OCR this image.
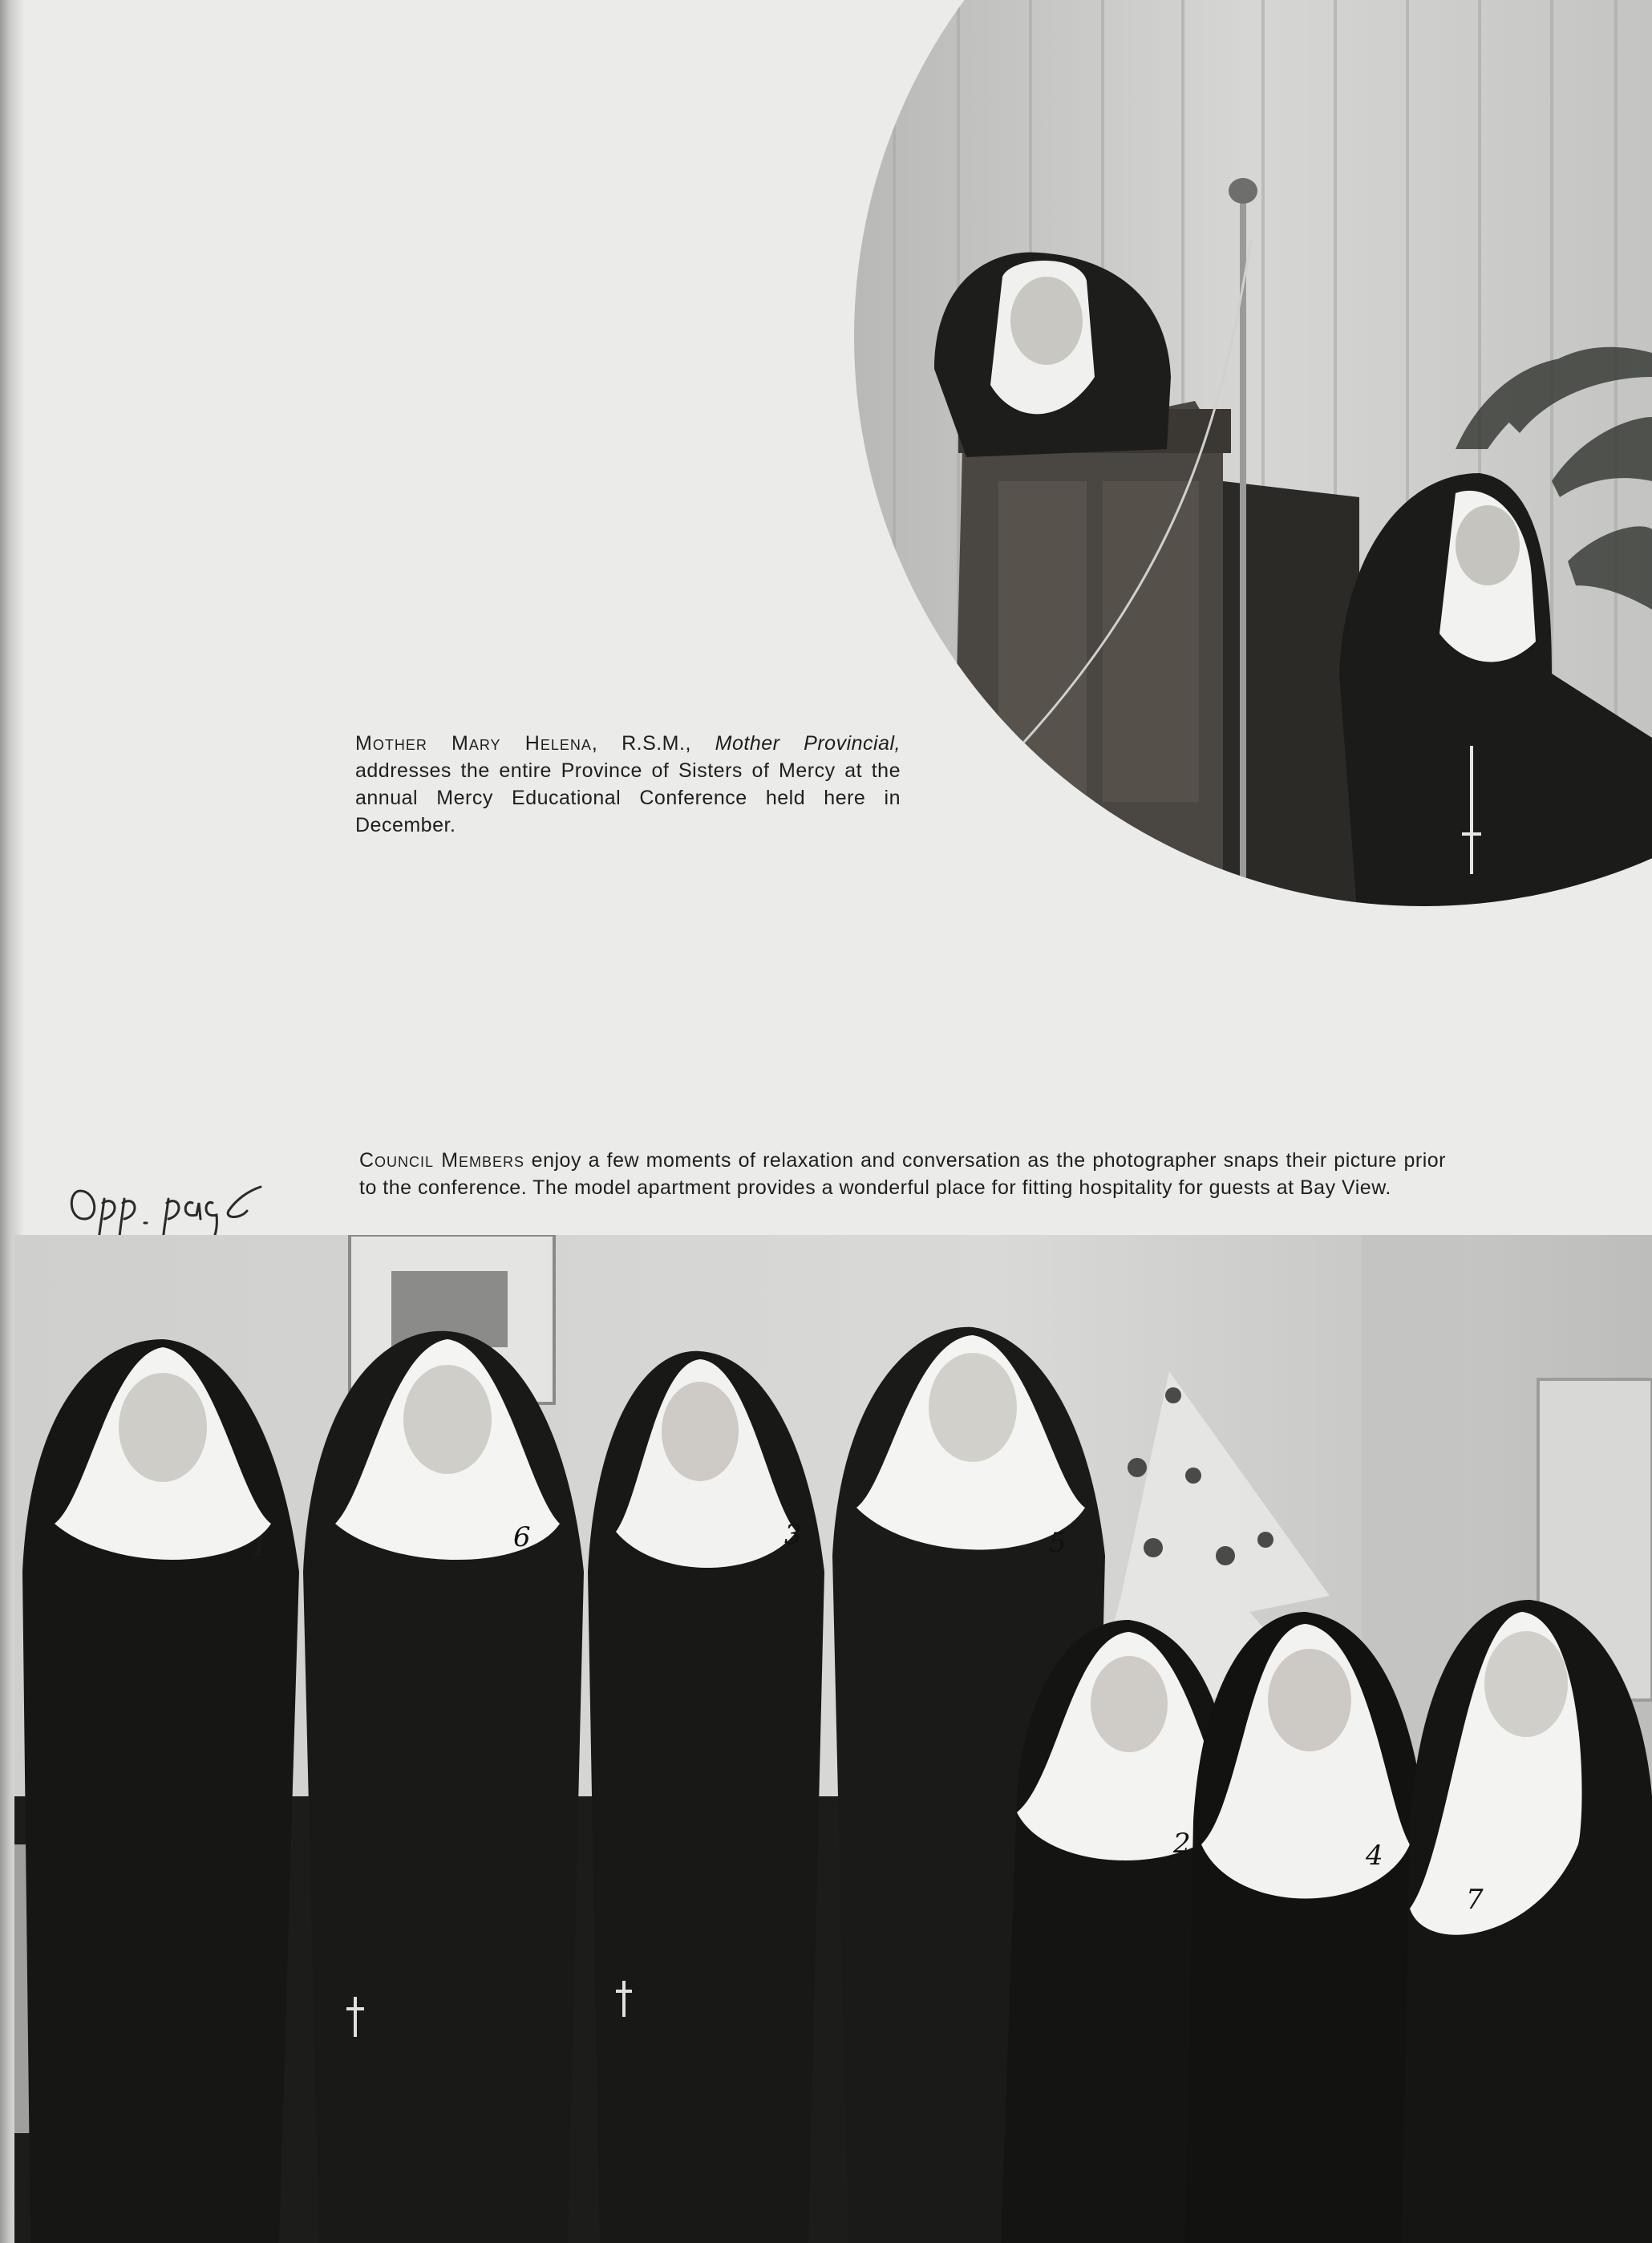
Mother Mary Helena, R.S.M., Mother Provincial, addresses the entire Province of Sisters of Mercy at the annual Mercy Educational Conference held here in December.

Council Members enjoy a few moments of relaxation and conversation as the photographer snaps their picture prior to the conference. The model apartment provides a wonderful place for fitting hospitality for guests at Bay View.

1	6	3	5
2	4
7
